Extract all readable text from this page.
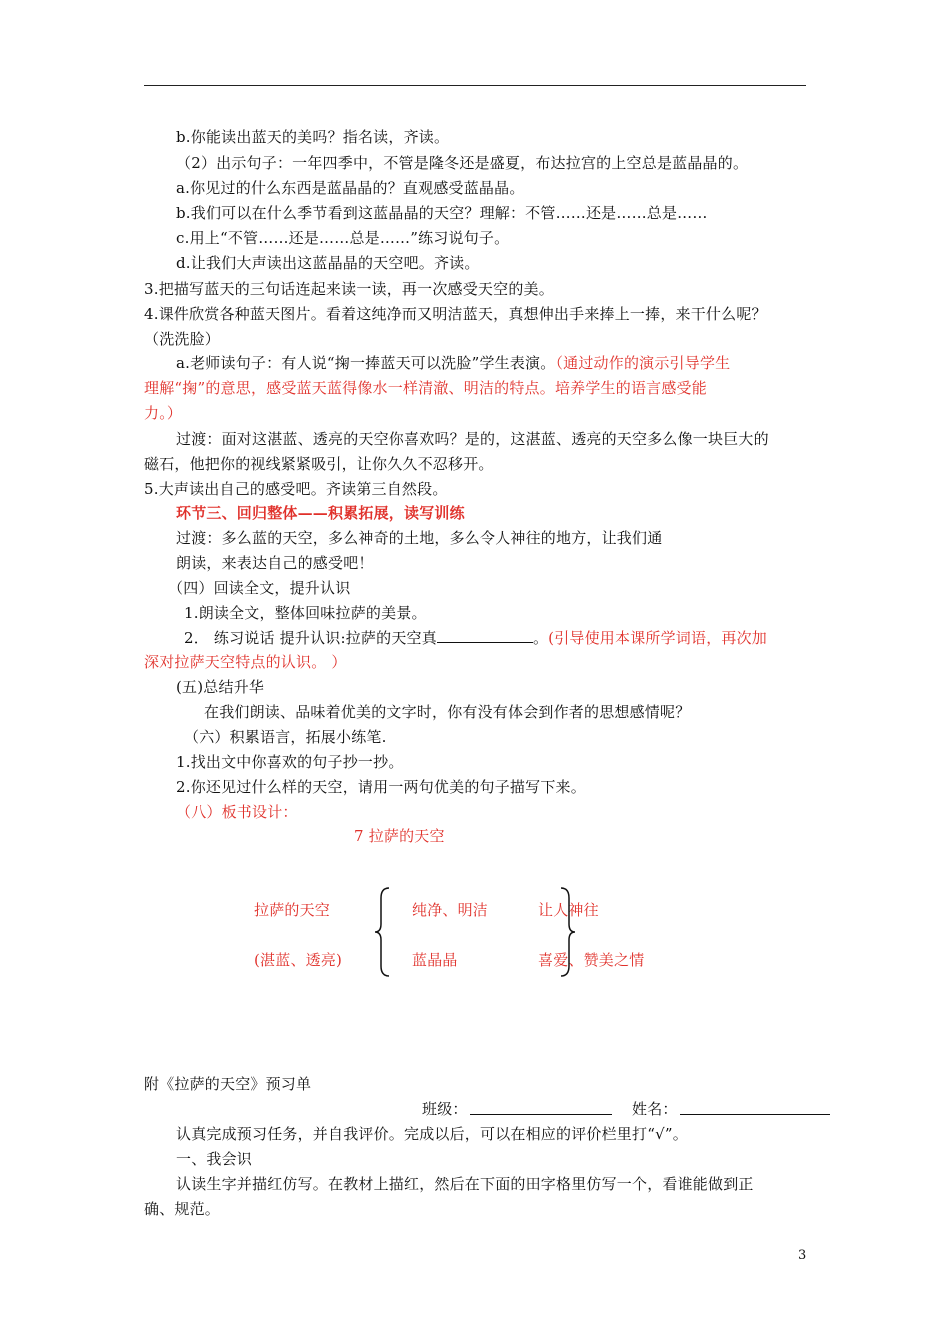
b.你能读出蓝天的美吗？指名读，齐读。
（2）出示句子：一年四季中，不管是隆冬还是盛夏，布达拉宫的上空总是蓝晶晶的。
a.你见过的什么东西是蓝晶晶的？直观感受蓝晶晶。
b.我们可以在什么季节看到这蓝晶晶的天空？理解：不管……还是……总是……
c.用上“不管……还是……总是……”练习说句子。
d.让我们大声读出这蓝晶晶的天空吧。齐读。
3.把描写蓝天的三句话连起来读一读，再一次感受天空的美。
4.课件欣赏各种蓝天图片。看着这纯净而又明洁蓝天，真想伸出手来捧上一捧，来干什么呢？
（洗洗脸）
a.老师读句子：有人说“掬一捧蓝天可以洗脸”学生表演。（通过动作的演示引导学生
理解“掬”的意思，感受蓝天蓝得像水一样清澈、明洁的特点。培养学生的语言感受能
力。）
过渡：面对这湛蓝、透亮的天空你喜欢吗？是的，这湛蓝、透亮的天空多么像一块巨大的
磁石，他把你的视线紧紧吸引，让你久久不忍移开。
5.大声读出自己的感受吧。齐读第三自然段。
环节三、回归整体——积累拓展，读写训练
过渡：多么蓝的天空，多么神奇的土地，多么令人神往的地方，让我们通
朗读，来表达自己的感受吧！
（四）回读全文，提升认识
1.朗读全文，整体回味拉萨的美景。
2． 练习说话 提升认识:拉萨的天空真	。(引导使用本课所学词语，再次加
深对拉萨天空特点的认识。 ）
(五)总结升华
在我们朗读、品味着优美的文字时，你有没有体会到作者的思想感情呢？
（六）积累语言，拓展小练笔.
1.找出文中你喜欢的句子抄一抄。
2.你还见过什么样的天空，请用一两句优美的句子描写下来。
（八）板书设计：
7 拉萨的天空
拉萨的天空
(湛蓝、透亮)
纯净、明洁
蓝晶晶
让人神往
喜爱、赞美之情
附《拉萨的天空》预习单
班级：	姓名：
认真完成预习任务，并自我评价。完成以后，可以在相应的评价栏里打“√”。
一、我会识
认读生字并描红仿写。在教材上描红，然后在下面的田字格里仿写一个，看谁能做到正
确、规范。
3
